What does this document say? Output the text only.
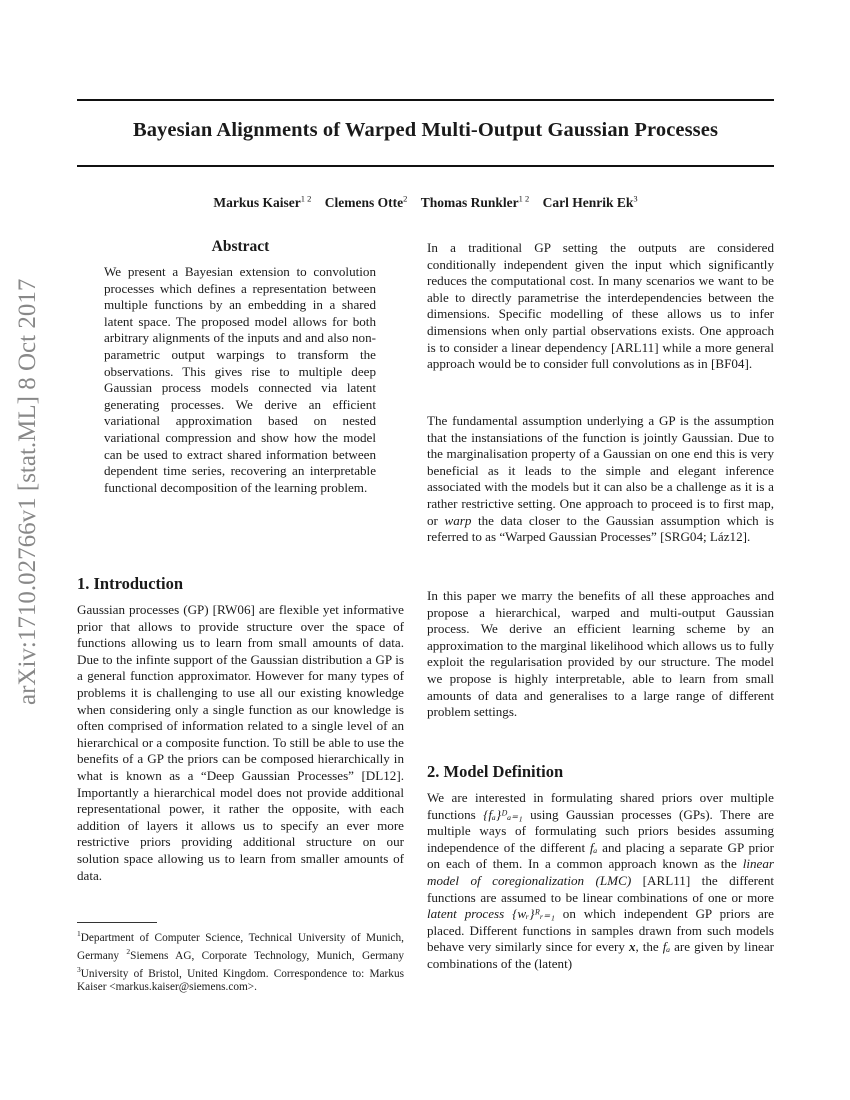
Bayesian Alignments of Warped Multi-Output Gaussian Processes
Markus Kaiser$^{1 2}$ Clemens Otte$^2$ Thomas Runkler$^{1 2}$ Carl Henrik Ek$^3$
arXiv:1710.02766v1 [stat.ML] 8 Oct 2017
Abstract
We present a Bayesian extension to convolution processes which defines a representation between multiple functions by an embedding in a shared latent space. The proposed model allows for both arbitrary alignments of the inputs and and also non-parametric output warpings to transform the observations. This gives rise to multiple deep Gaussian process models connected via latent generating processes. We derive an efficient variational approximation based on nested variational compression and show how the model can be used to extract shared information between dependent time series, recovering an interpretable functional decomposition of the learning problem.
1. Introduction
Gaussian processes (GP) [RW06] are flexible yet informative prior that allows to provide structure over the space of functions allowing us to learn from small amounts of data. Due to the infinte support of the Gaussian distribution a GP is a general function approximator. However for many types of problems it is challenging to use all our existing knowledge when considering only a single function as our knowledge is often comprised of information related to a single level of an hierarchical or a composite function. To still be able to use the benefits of a GP the priors can be composed hierarchically in what is known as a “Deep Gaussian Processes” [DL12]. Importantly a hierarchical model does not provide additional representational power, it rather the opposite, with each addition of layers it allows us to specify an ever more restrictive priors providing additional structure on our solution space allowing us to learn from smaller amounts of data.
$^1$Department of Computer Science, Technical University of Munich, Germany $^2$Siemens AG, Corporate Technology, Munich, Germany $^3$University of Bristol, United Kingdom. Correspondence to: Markus Kaiser <markus.kaiser@siemens.com>.
In a traditional GP setting the outputs are considered conditionally independent given the input which significantly reduces the computational cost. In many scenarios we want to be able to directly parametrise the interdependencies between the dimensions. Specific modelling of these allows us to infer dimensions when only partial observations exists. One approach is to consider a linear dependency [ARL11] while a more general approach would be to consider full convolutions as in [BF04].
The fundamental assumption underlying a GP is the assumption that the instansiations of the function is jointly Gaussian. Due to the marginalisation property of a Gaussian on one end this is very beneficial as it leads to the simple and elegant inference associated with the models but it can also be a challenge as it is a rather restrictive setting. One approach to proceed is to first map, or warp the data closer to the Gaussian assumption which is referred to as “Warped Gaussian Processes” [SRG04; Láz12].
In this paper we marry the benefits of all these approaches and propose a hierarchical, warped and multi-output Gaussian process. We derive an efficient learning scheme by an approximation to the marginal likelihood which allows us to fully exploit the regularisation provided by our structure. The model we propose is highly interpretable, able to learn from small amounts of data and generalises to a large range of different problem settings.
2. Model Definition
We are interested in formulating shared priors over multiple functions {fₐ}ᴰₐ₌₁ using Gaussian processes (GPs). There are multiple ways of formulating such priors besides assuming independence of the different fₐ and placing a separate GP prior on each of them. In a common approach known as the linear model of coregionalization (LMC) [ARL11] the different functions are assumed to be linear combinations of one or more latent process {wᵣ}ᴿᵣ₌₁ on which independent GP priors are placed. Different functions in samples drawn from such models behave very similarly since for every x, the fₐ are given by linear combinations of the (latent)
